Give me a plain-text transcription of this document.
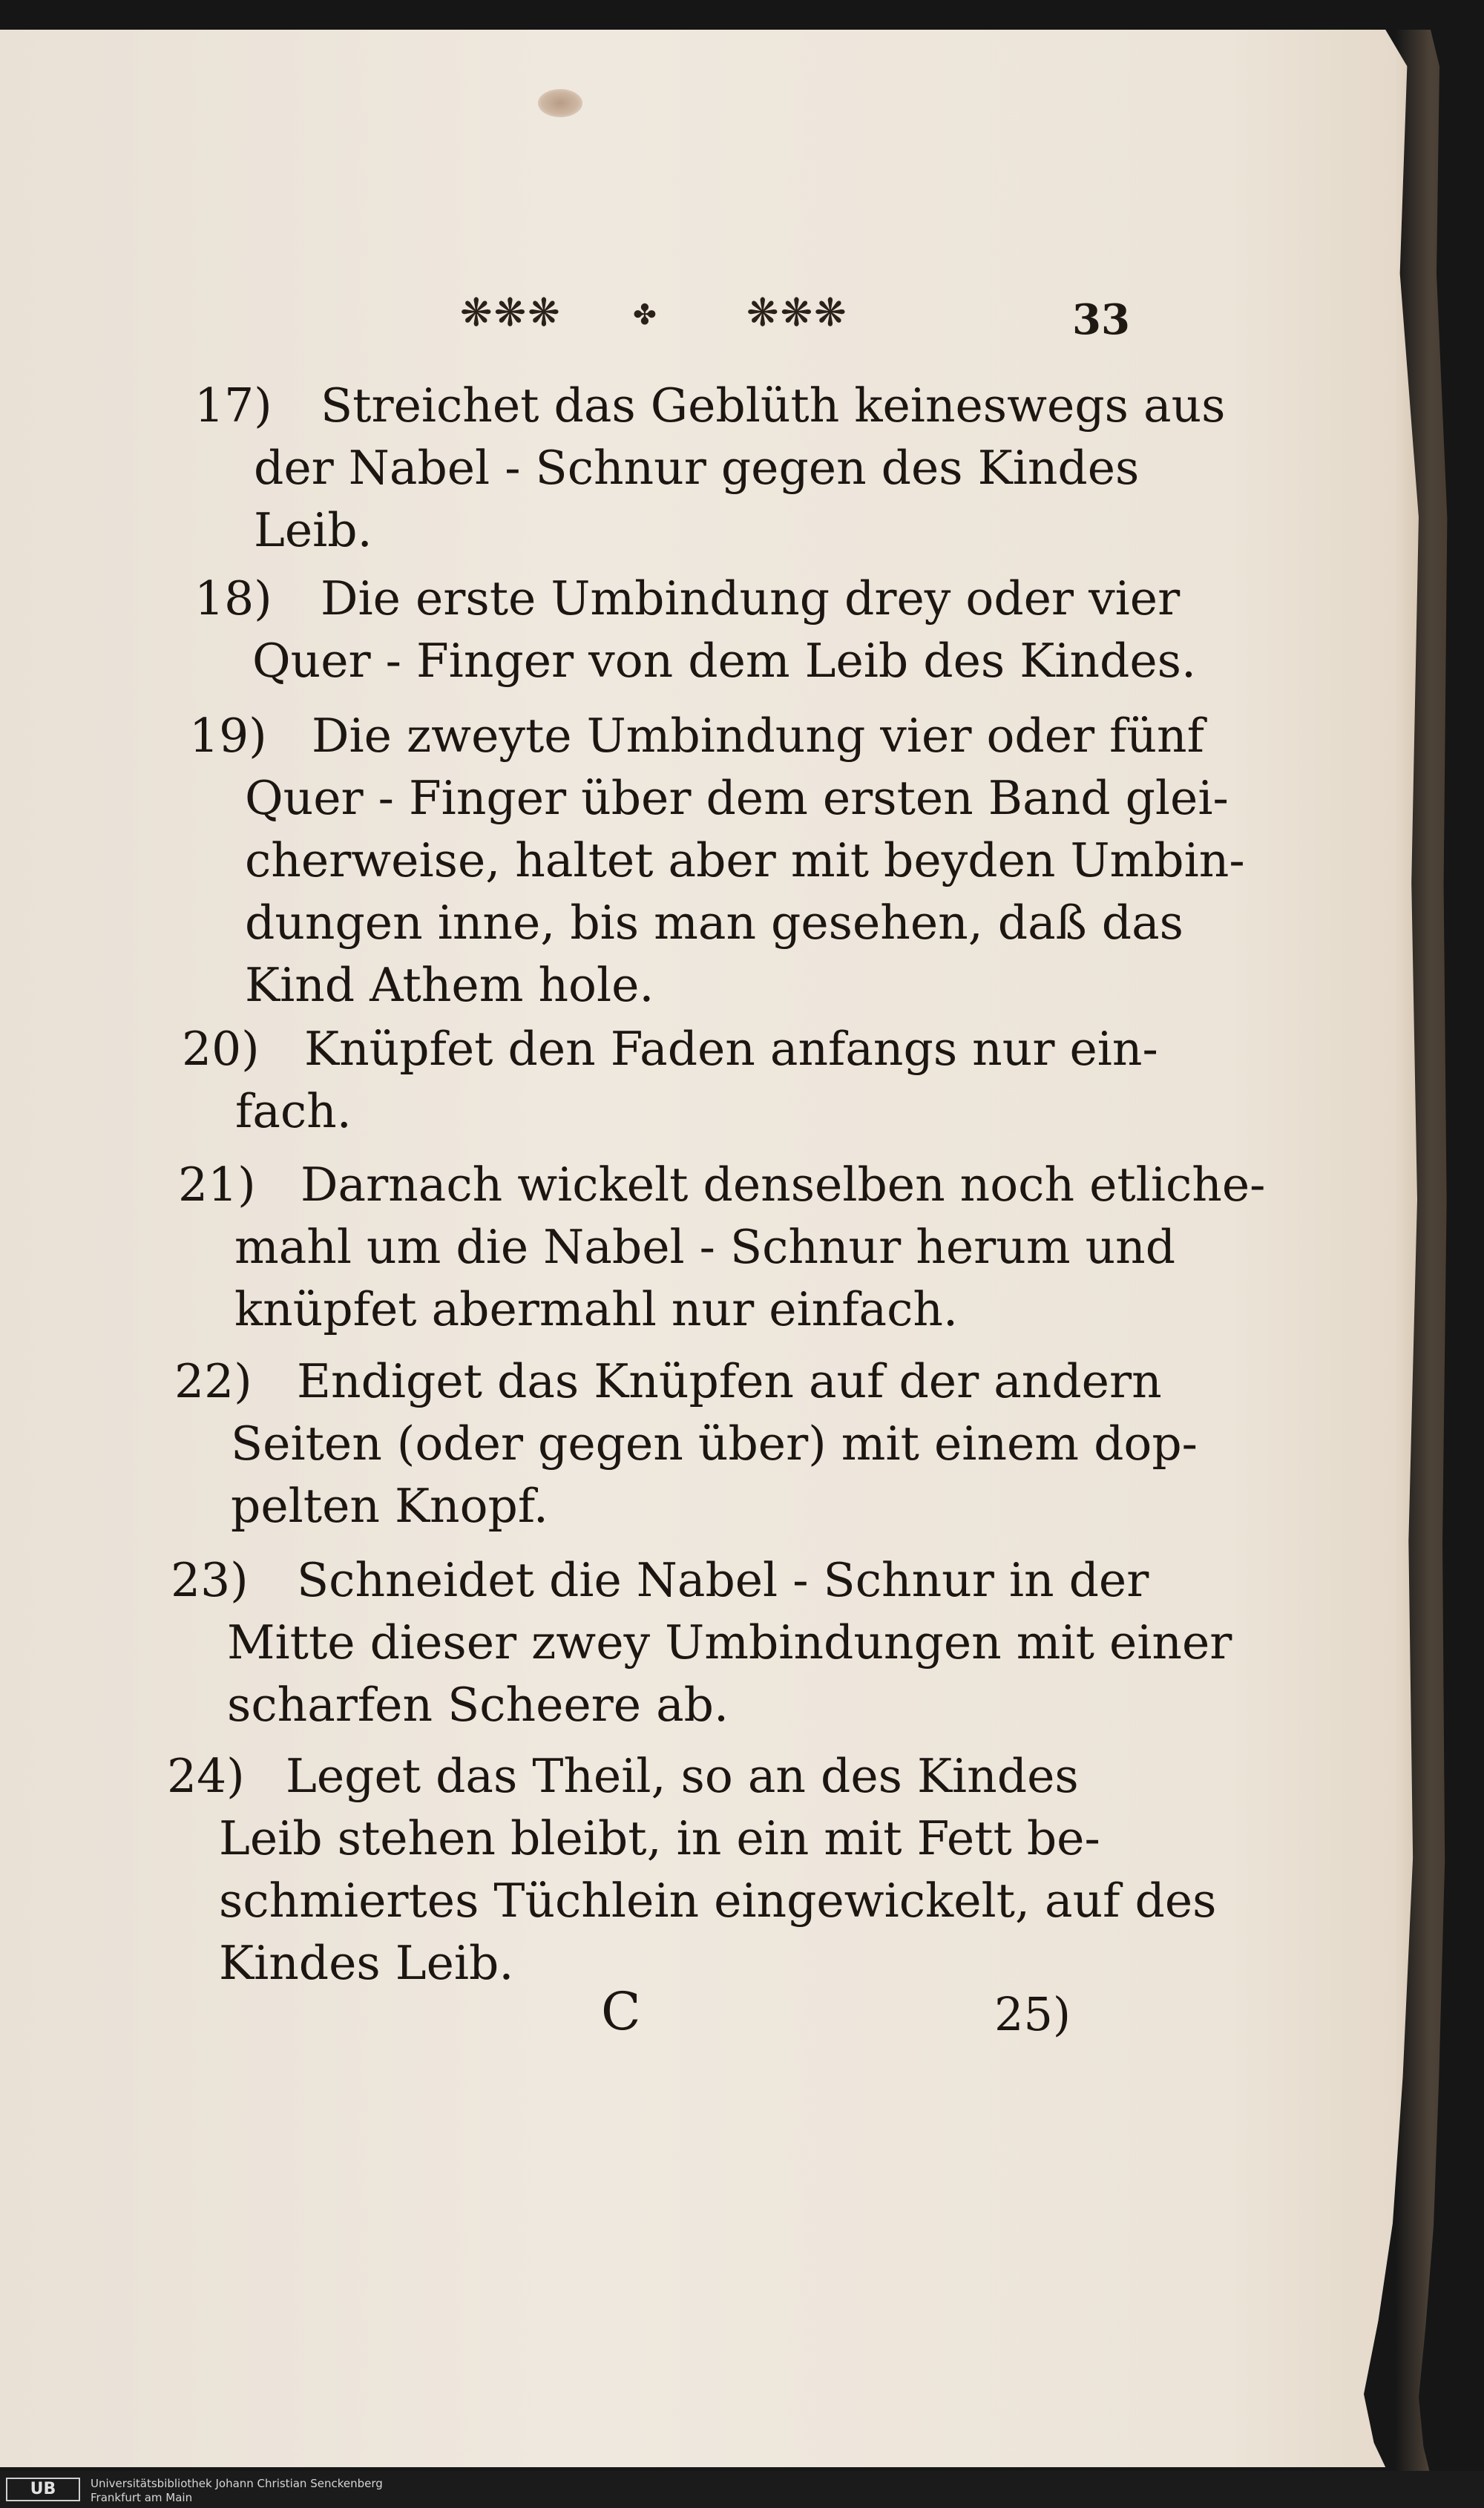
❋❋❋	✤ ❋❋❋	33
17) Streichet das Geblüth keineswegs aus
der Nabel - Schnur gegen des Kindes
Leib.
18) Die erste Umbindung drey oder vier
Quer - Finger von dem Leib des Kindes.
19) Die zweyte Umbindung vier oder fünf
Quer - Finger über dem ersten Band glei-
cherweise, haltet aber mit beyden Umbin-
dungen inne, bis man gesehen, daß das
Kind Athem hole.
20) Knüpfet den Faden anfangs nur ein-
fach.
21) Darnach wickelt denselben noch etliche-
mahl um die Nabel - Schnur herum und
knüpfet abermahl nur einfach.
22) Endiget das Knüpfen auf der andern
Seiten (oder gegen über) mit einem dop-
pelten Knopf.
23) Schneidet die Nabel - Schnur in der
Mitte dieser zwey Umbindungen mit einer
scharfen Scheere ab.
24) Leget das Theil, so an des Kindes
Leib stehen bleibt, in ein mit Fett be-
schmiertes Tüchlein eingewickelt, auf des
Kindes Leib.
C	25)
UB	Universitätsbibliothek Johann Christian Senckenberg
Frankfurt am Main
